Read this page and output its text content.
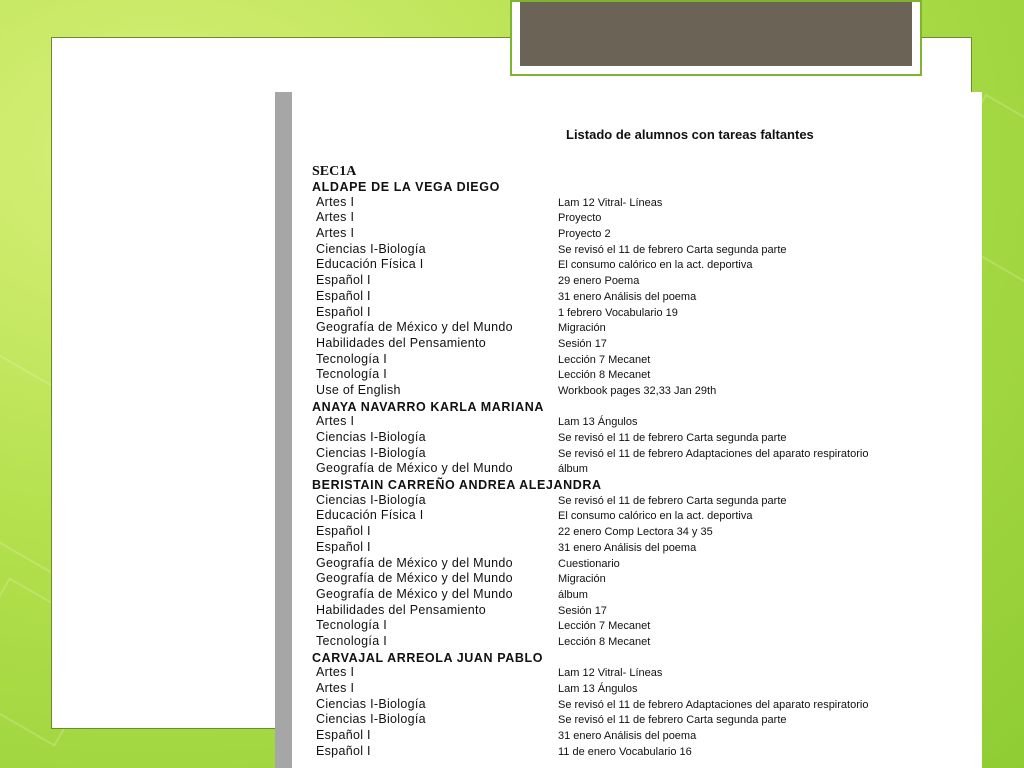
Listado de alumnos con tareas faltantes
SEC1A
ALDAPE DE LA VEGA DIEGO
Artes I	Lam 12 Vitral- Líneas
Artes I	Proyecto
Artes I	Proyecto 2
Ciencias I-Biología	Se revisó el 11 de febrero Carta segunda parte
Educación Física I	El consumo calórico en la act. deportiva
Español I	29 enero Poema
Español I	31 enero Análisis del poema
Español I	1 febrero Vocabulario 19
Geografía de México y del Mundo	Migración
Habilidades del Pensamiento	Sesión 17
Tecnología I	Lección 7 Mecanet
Tecnología I	Lección 8 Mecanet
Use of English	Workbook pages 32,33 Jan 29th
ANAYA NAVARRO KARLA MARIANA
Artes I	Lam 13 Ángulos
Ciencias I-Biología	Se revisó el 11 de febrero Carta segunda parte
Ciencias I-Biología	Se revisó el 11 de febrero Adaptaciones del aparato respiratorio
Geografía de México y del Mundo	álbum
BERISTAIN CARREÑO ANDREA ALEJANDRA
Ciencias I-Biología	Se revisó el 11 de febrero Carta segunda parte
Educación Física I	El consumo calórico en la act. deportiva
Español I	22 enero Comp Lectora 34 y 35
Español I	31 enero Análisis del poema
Geografía de México y del Mundo	Cuestionario
Geografía de México y del Mundo	Migración
Geografía de México y del Mundo	álbum
Habilidades del Pensamiento	Sesión 17
Tecnología I	Lección 7 Mecanet
Tecnología I	Lección 8 Mecanet
CARVAJAL ARREOLA JUAN PABLO
Artes I	Lam 12 Vitral- Líneas
Artes I	Lam 13 Ángulos
Ciencias I-Biología	Se revisó el 11 de febrero Adaptaciones del aparato respiratorio
Ciencias I-Biología	Se revisó el 11 de febrero Carta segunda parte
Español I	31 enero Análisis del poema
Español I	11 de enero Vocabulario 16
